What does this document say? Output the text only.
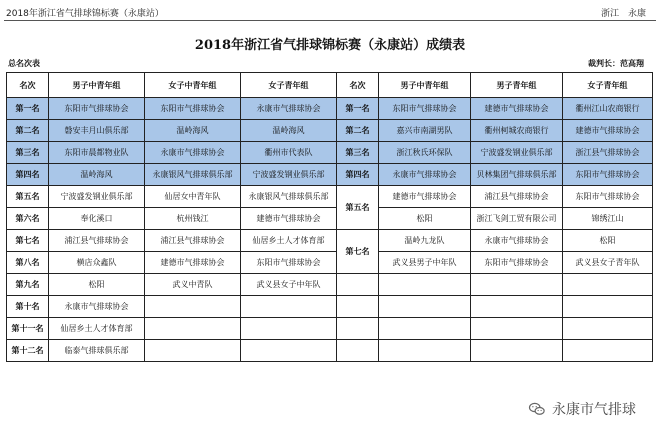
2018年浙江省气排球锦标赛（永康站）	浙江　永康
2018年浙江省气排球锦标赛（永康站）成绩表
总名次表	裁判长：范高翔
名次	男子中青年组	女子中青年组	女子青年组	名次	男子中青年组	男子青年组	女子青年组
第一名	东阳市气排球协会	东阳市气排球协会	永康市气排球协会	第一名	东阳市气排球协会	建德市气排球协会	衢州江山农商银行
第二名	磐安丰月山俱乐部	温岭海风	温岭海风	第二名	嘉兴市南湖男队	衢州柯城农商银行	建德市气排球协会
第三名	东阳市晨都物业队	永康市气排球协会	衢州市代表队	第三名	浙江秋氏环保队	宁波盛发钢业俱乐部	浙江县气排球协会
第四名	温岭海风	永康银风气排球俱乐部	宁波盛发钢业俱乐部	第四名	永康市气排球协会	贝林集团气排球俱乐部	东阳市气排球协会
第五名	宁波盛发钢业俱乐部	仙居女中青年队	永康银风气排球俱乐部	第五名	建德市气排球协会	浦江县气排球协会	东阳市气排球协会
第六名	奉化溪口	杭州钱江	建德市气排球协会		松阳	浙江飞剑工贸有限公司	锦绣江山
第七名	浦江县气排球协会	浦江县气排球协会	仙居乡土人才体育部	第七名	温岭九龙队	永康市气排球协会	松阳
第八名	横店众鑫队	建德市气排球协会	东阳市气排球协会		武义县男子中年队	东阳市气排球协会	武义县女子青年队
第九名	松阳	武义中青队	武义县女子中年队				
第十名	永康市气排球协会						
第十一名	仙居乡土人才体育部						
第十二名	临泰气排球俱乐部						
永康市气排球
